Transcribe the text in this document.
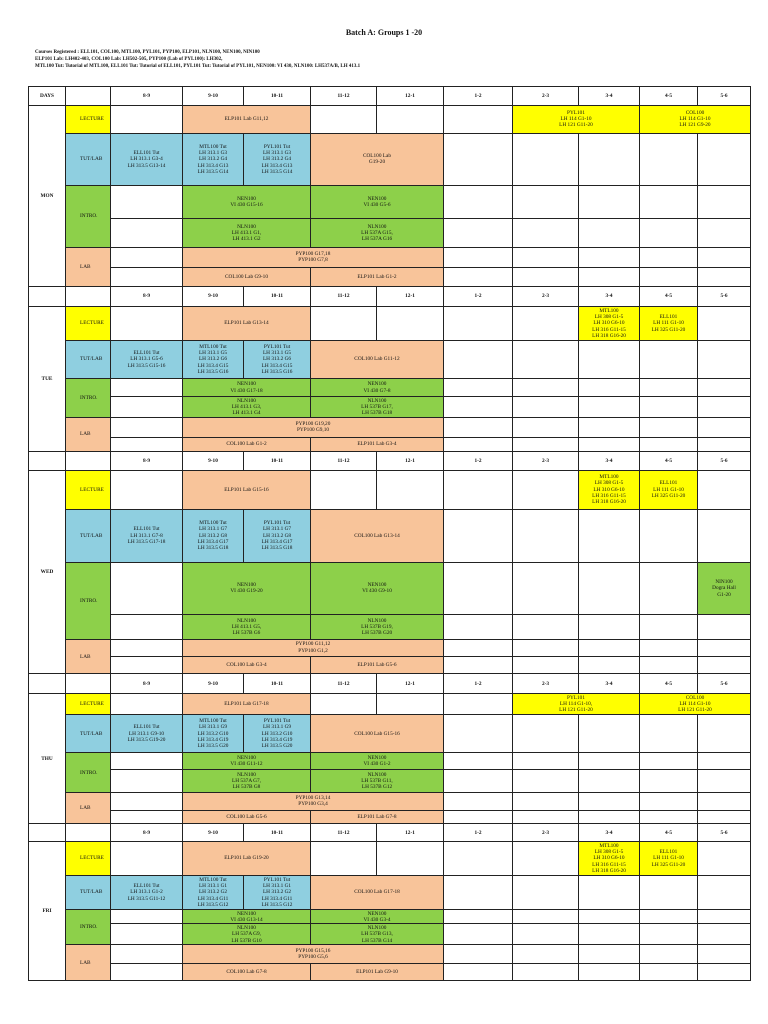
Batch A: Groups 1 -20
Courses Registered : ELL101, COL100, MTL100, PYL101, PYP100, ELP101, NLN100, NEN100, NIN100
ELP101 Lab: LH402-403, COL100 Lab: LH502-505, PYP100 (Lab of PYL100): LH302,
MTL100 Tut: Tutorial of MTL100, ELL101 Tut: Tutorial of ELL101, PYL101 Tut: Tutorial of PYL101, NEN100: VI 430, NLN100: LH537A/B, LH 413.1
DAYS		8-9	9-10	10-11	11-12	12-1	1-2	2-3	3-4	4-5	5-6
MON	LECTURE		ELP101 Lab G11,12					PYL101
LH 114 G1-10
LH 121 G11-20		COL100
LH 114 G1-10
LH 121 G9-20	

	TUT/LAB	ELL101 Tut
LH 313.1 G3-4
LH 313.5 G13-14	MTL100 Tut
LH 313.1 G3
LH 313.2 G4
LH 313.4 G13
LH 313.5 G14	PYL101 Tut
LH 313.1 G3
LH 313.2 G4
LH 313.4 G13
LH 313.5 G14	COL100 Lab
G19-20						

	INTRO.		NEN100
VI 430 G15-16		NEN100
VI 430 G5-6						

			NLN100
LH 413.1 G1,
LH 413.1 G2		NLN100
LH 537A G15,
LH 537A G16						

	LAB		PYP100 G17,18
PYP100 G7,8								

			COL100 Lab G9-10		ELP101 Lab G1-2						

		8-9	9-10	10-11	11-12	12-1	1-2	2-3	3-4	4-5	5-6
TUE	LECTURE		ELP101 Lab G13-14						MTL100
LH 308 G1-5
LH 310 G6-10
LH 316 G11-15
LH 318 G16-20	ELL101
LH 111 G1-10
LH 325 G11-20	

	TUT/LAB	ELL101 Tut
LH 313.1 G5-6
LH 313.5 G15-16	MTL100 Tut
LH 313.1 G5
LH 313.2 G6
LH 313.4 G15
LH 313.5 G16	PYL101 Tut
LH 313.1 G5
LH 313.2 G6
LH 313.4 G15
LH 313.5 G16	COL100 Lab G11-12						

	INTRO.		NEN100
VI 430 G17-18		NEN100
VI 430 G7-8						

			NLN100
LH 413.1 G3,
LH 413.1 G4		NLN100
LH 537B G17,
LH 537B G18						

	LAB		PYP100 G19,20
PYP100 G9,10								

			COL100 Lab G1-2		ELP101 Lab G3-4						

		8-9	9-10	10-11	11-12	12-1	1-2	2-3	3-4	4-5	5-6
WED	LECTURE		ELP101 Lab G15-16						MTL100
LH 308 G1-5
LH 310 G6-10
LH 316 G11-15
LH 318 G16-20	ELL101
LH 111 G1-10
LH 325 G11-20	

	TUT/LAB	ELL101 Tut
LH 313.1 G7-8
LH 313.5 G17-18	MTL100 Tut
LH 313.1 G7
LH 313.2 G8
LH 313.4 G17
LH 313.5 G18	PYL101 Tut
LH 313.1 G7
LH 313.2 G8
LH 313.4 G17
LH 313.5 G18	COL100 Lab G13-14						

	INTRO.		NEN100
VI 430 G19-20		NEN100
VI 430 G9-10						NIN100
Dogra Hall
G1-20

			NLN100
LH 413.1 G5,
LH 537B G6		NLN100
LH 537B G19,
LH 537B G20						

	LAB		PYP100 G11,12
PYP100 G1,2								

			COL100 Lab G3-4		ELP101 Lab G5-6						

		8-9	9-10	10-11	11-12	12-1	1-2	2-3	3-4	4-5	5-6
THU	LECTURE		ELP101 Lab G17-18					PYL101
LH 114 G1-10,
LH 121 G11-20		COL100
LH 114 G1-10
LH 121 G11-20	

	TUT/LAB	ELL101 Tut
LH 313.1 G9-10
LH 313.5 G19-20	MTL100 Tut
LH 313.1 G9
LH 313.2 G10
LH 313.4 G19
LH 313.5 G20	PYL101 Tut
LH 313.1 G9
LH 313.2 G10
LH 313.4 G19
LH 313.5 G20	COL100 Lab G15-16						

	INTRO.		NEN100
VI 430 G11-12		NEN100
VI 430 G1-2						

			NLN100
LH 537A G7,
LH 537B G8		NLN100
LH 537B G11,
LH 537B G12						

	LAB		PYP100 G13,14
PYP100 G3,4								

			COL100 Lab G5-6		ELP101 Lab G7-8						

		8-9	9-10	10-11	11-12	12-1	1-2	2-3	3-4	4-5	5-6
FRI	LECTURE		ELP101 Lab G19-20						MTL100
LH 308 G1-5
LH 310 G6-10
LH 316 G11-15
LH 318 G16-20	ELL101
LH 111 G1-10
LH 325 G11-20	

	TUT/LAB	ELL101 Tut
LH 313.1 G1-2
LH 313.5 G11-12	MTL100 Tut
LH 313.1 G1
LH 313.2 G2
LH 313.4 G11
LH 313.5 G12	PYL101 Tut
LH 313.1 G1
LH 313.2 G2
LH 313.4 G11
LH 313.5 G12	COL100 Lab G17-18						

	INTRO.		NEN100
VI 430 G13-14		NEN100
VI 430 G3-4						

			NLN100
LH 537A G9,
LH 537B G10		NLN100
LH 537B G13,
LH 537B G14						

	LAB		PYP100 G15,16
PYP100 G5,6								

			COL100 Lab G7-8		ELP101 Lab G9-10						
